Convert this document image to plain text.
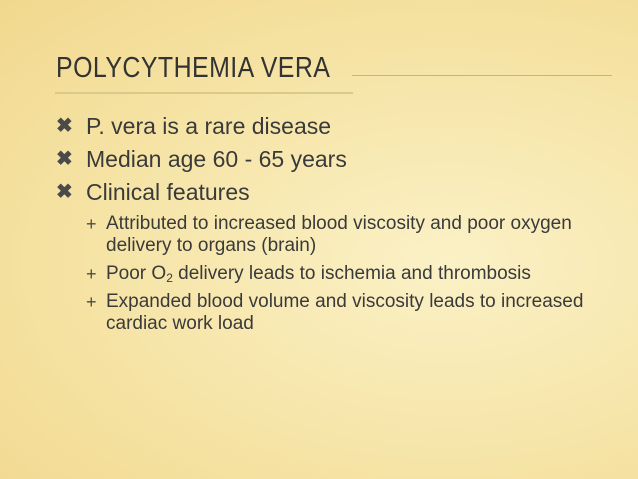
POLYCYTHEMIA VERA
✖ P. vera is a rare disease
✖ Median age 60 - 65 years
✖ Clinical features
+ Attributed to increased blood viscosity and poor oxygen delivery to organs (brain)
+ Poor $O_2$ delivery leads to ischemia and thrombosis
+ Expanded blood volume and viscosity leads to increased cardiac work load
